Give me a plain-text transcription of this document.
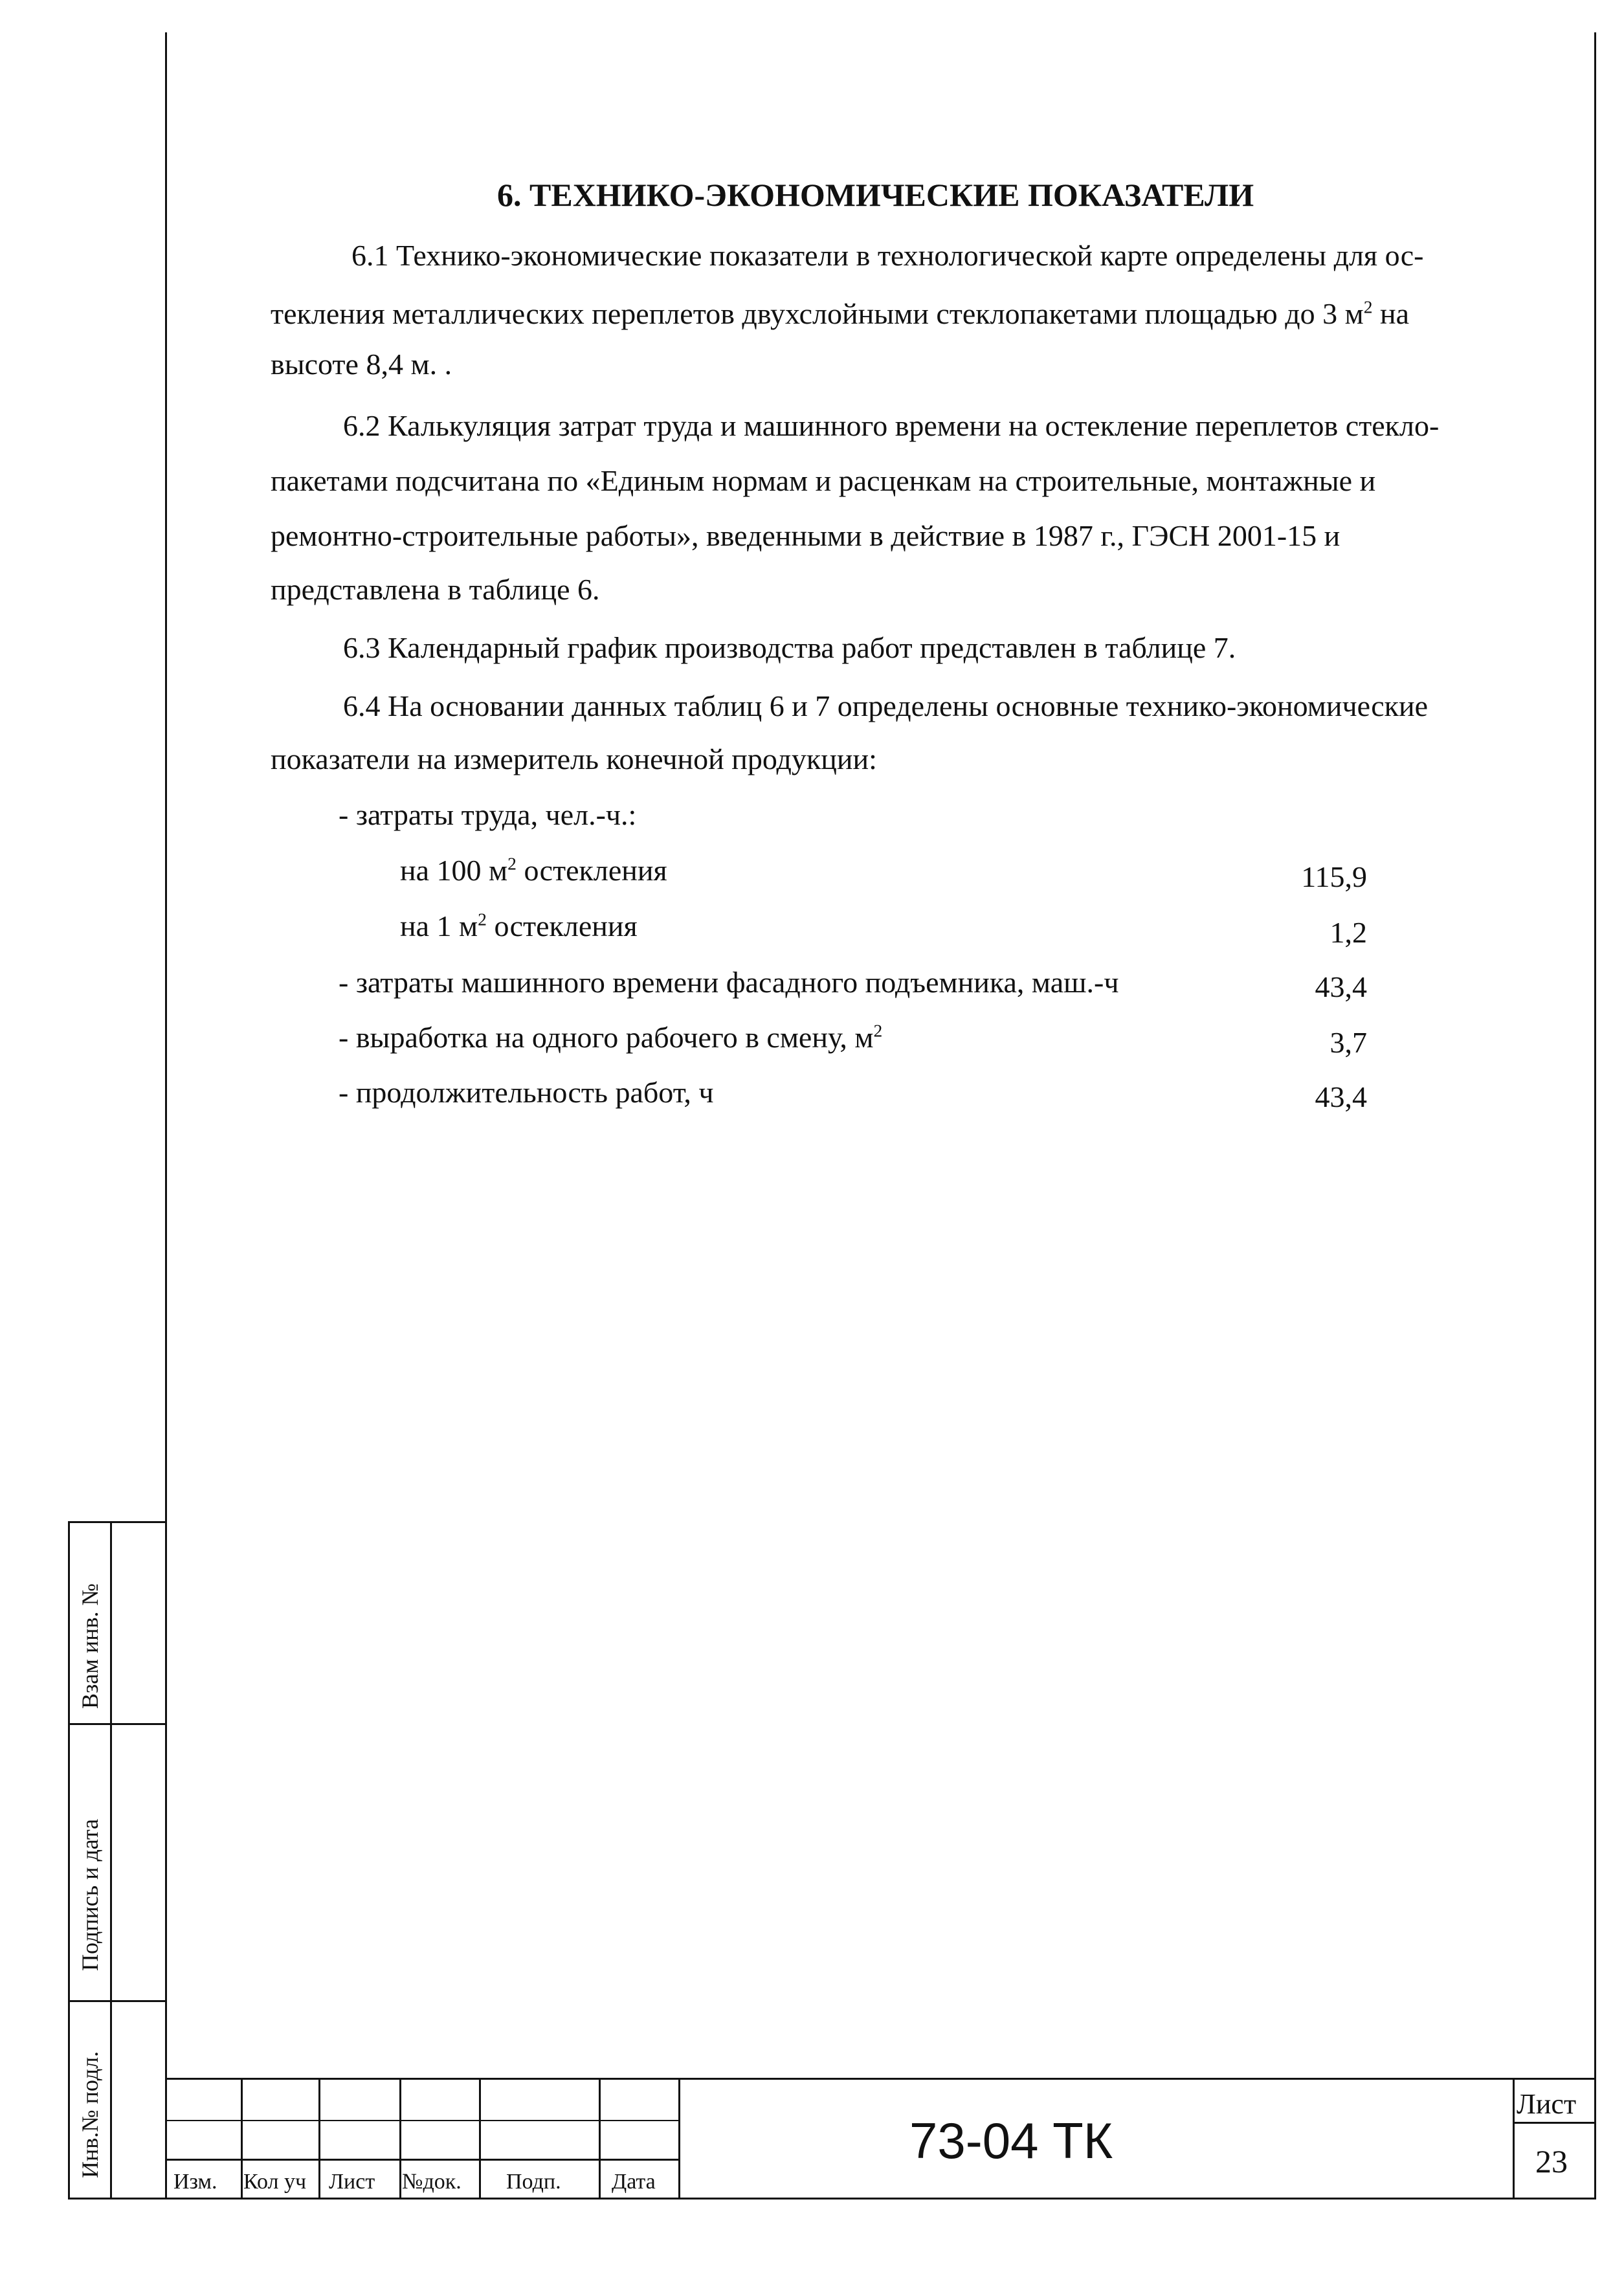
6. ТЕХНИКО-ЭКОНОМИЧЕСКИЕ ПОКАЗАТЕЛИ
6.1 Технико-экономические показатели в технологической карте определены для ос-
текления металлических переплетов двухслойными стеклопакетами площадью до 3 $м^2$ на
высоте 8,4 м. .
6.2 Калькуляция затрат труда и машинного времени на остекление переплетов стекло-
пакетами подсчитана по «Единым нормам и расценкам на строительные, монтажные и
ремонтно-строительные работы», введенными в действие в 1987 г., ГЭСН 2001-15 и
представлена в таблице 6.
6.3 Календарный график производства работ представлен в таблице 7.
6.4 На основании данных таблиц 6 и 7 определены основные технико-экономические
показатели на измеритель конечной продукции:
- затраты труда, чел.-ч.:
на 100 $м^2$ остекления	115,9
на 1 $м^2$ остекления	1,2
- затраты машинного времени фасадного подъемника, маш.-ч	43,4
- выработка на одного рабочего в смену, $м^2$	3,7
- продолжительность работ, ч	43,4
Взам инв. №
Подпись и дата
Инв.№ подл.
Изм. Кол уч Лист №док. Подп. Дата
73-04 ТК
Лист
23
